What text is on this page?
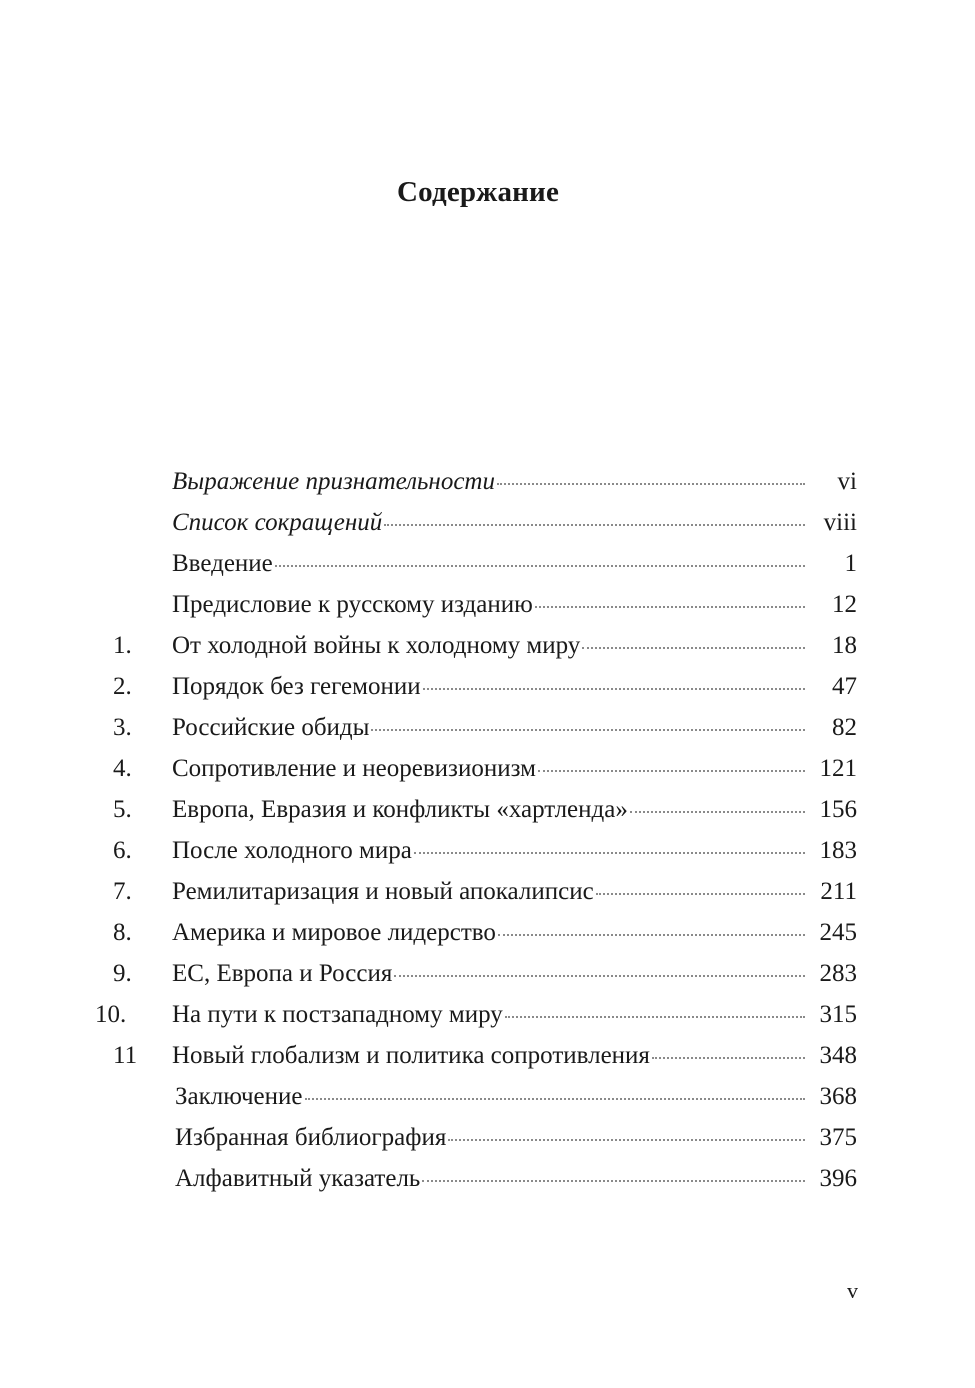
Содержание
Выражение признательности	vi
Список сокращений	viii
Введение	1
Предисловие к русскому изданию	12
1.	От холодной войны к холодному миру	18
2.	Порядок без гегемонии	47
3.	Российские обиды	82
4.	Сопротивление и неоревизионизм	121
5.	Европа, Евразия и конфликты «хартленда»	156
6.	После холодного мира	183
7.	Ремилитаризация и новый апокалипсис	211
8.	Америка и мировое лидерство	245
9.	ЕС, Европа и Россия	283
10.	На пути к постзападному миру	315
11	Новый глобализм и политика сопротивления	348
Заключение	368
Избранная библиография	375
Алфавитный указатель	396
v
